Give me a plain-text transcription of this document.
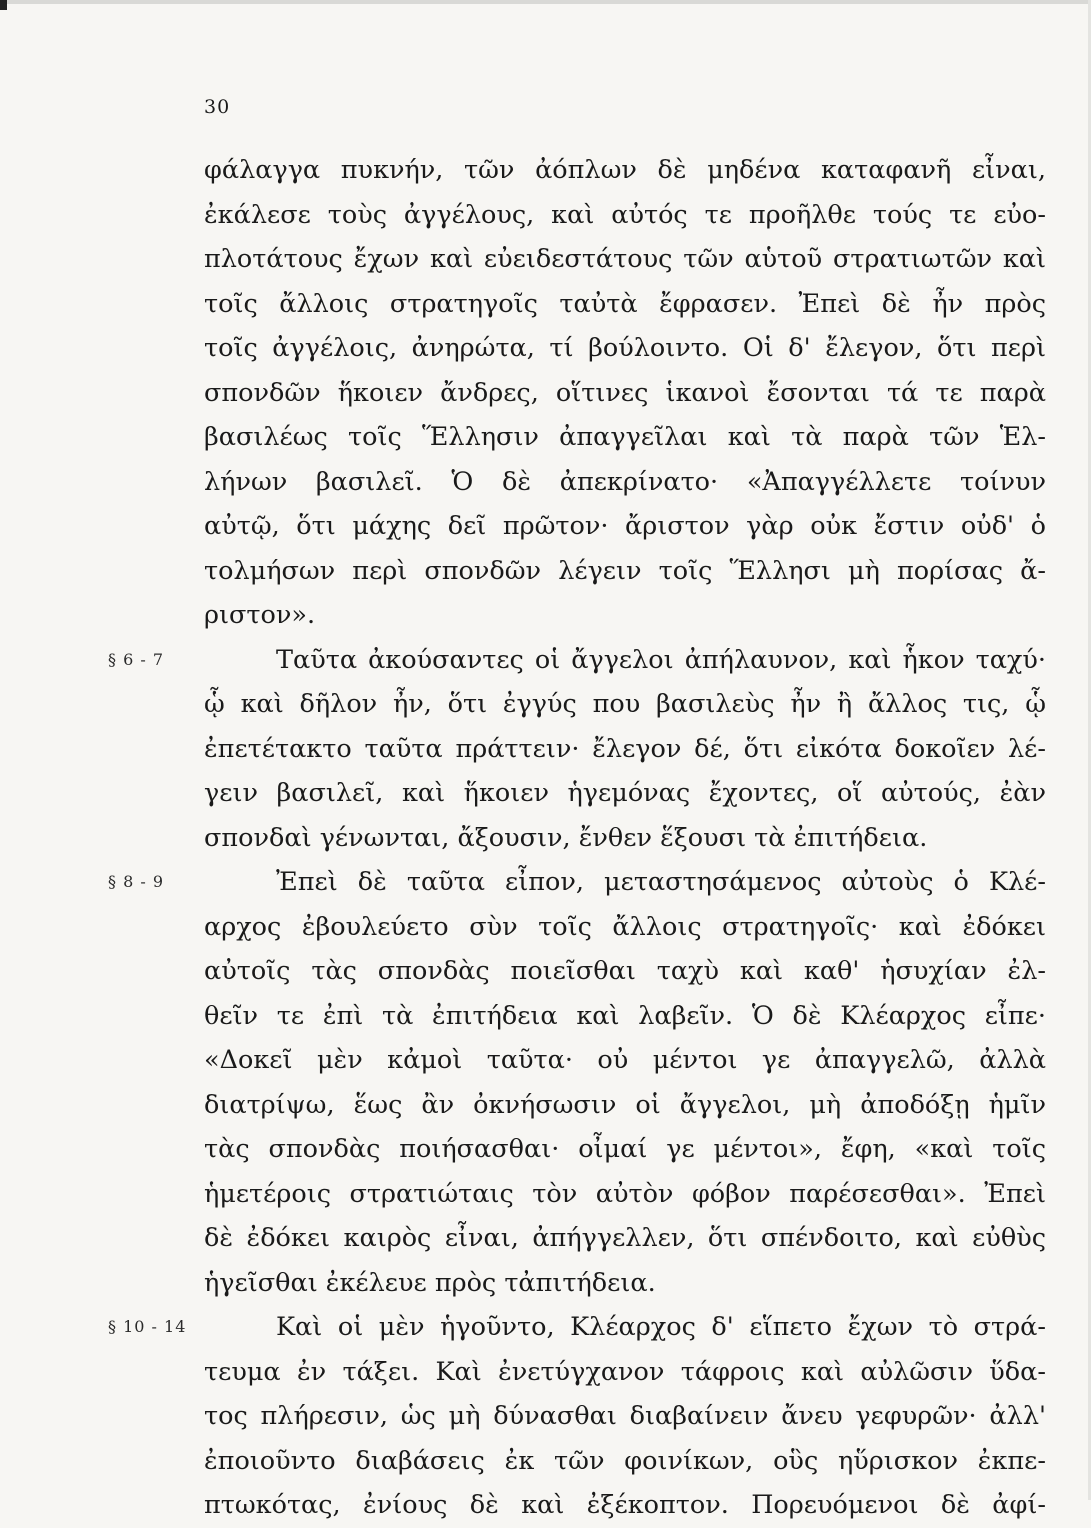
30
φάλαγγα πυκνήν, τῶν ἀόπλων δὲ μηδένα καταφανῆ εἶναι,
ἐκάλεσε τοὺς ἀγγέλους, καὶ αὐτός τε προῆλθε τούς τε εὐο-
πλοτάτους ἔχων καὶ εὐειδεστάτους τῶν αὑτοῦ στρατιωτῶν καὶ
τοῖς ἄλλοις στρατηγοῖς ταὐτὰ ἔφρασεν. Ἐπεὶ δὲ ἦν πρὸς
τοῖς ἀγγέλοις, ἀνηρώτα, τί βούλοιντο. Οἱ δ' ἔλεγον, ὅτι περὶ
σπονδῶν ἥκοιεν ἄνδρες, οἵτινες ἱκανοὶ ἔσονται τά τε παρὰ
βασιλέως τοῖς Ἕλλησιν ἀπαγγεῖλαι καὶ τὰ παρὰ τῶν Ἑλ-
λήνων βασιλεῖ. Ὁ δὲ ἀπεκρίνατο· «Ἀπαγγέλλετε τοίνυν
αὐτῷ, ὅτι μάχης δεῖ πρῶτον· ἄριστον γὰρ οὐκ ἔστιν οὐδ' ὁ
τολμήσων περὶ σπονδῶν λέγειν τοῖς Ἕλλησι μὴ πορίσας ἄ-
ριστον».
§ 6 - 7	Ταῦτα ἀκούσαντες οἱ ἄγγελοι ἀπήλαυνον, καὶ ἧκον ταχύ·
ᾧ καὶ δῆλον ἦν, ὅτι ἐγγύς που βασιλεὺς ἦν ἢ ἄλλος τις, ᾧ
ἐπετέτακτο ταῦτα πράττειν· ἔλεγον δέ, ὅτι εἰκότα δοκοῖεν λέ-
γειν βασιλεῖ, καὶ ἥκοιεν ἡγεμόνας ἔχοντες, οἵ αὐτούς, ἐὰν
σπονδαὶ γένωνται, ἄξουσιν, ἔνθεν ἕξουσι τὰ ἐπιτήδεια.
§ 8 - 9	Ἐπεὶ δὲ ταῦτα εἶπον, μεταστησάμενος αὐτοὺς ὁ Κλέ-
αρχος ἐβουλεύετο σὺν τοῖς ἄλλοις στρατηγοῖς· καὶ ἐδόκει
αὐτοῖς τὰς σπονδὰς ποιεῖσθαι ταχὺ καὶ καθ' ἡσυχίαν ἐλ-
θεῖν τε ἐπὶ τὰ ἐπιτήδεια καὶ λαβεῖν. Ὁ δὲ Κλέαρχος εἶπε·
«Δοκεῖ μὲν κἀμοὶ ταῦτα· οὐ μέντοι γε ἀπαγγελῶ, ἀλλὰ
διατρίψω, ἕως ἂν ὀκνήσωσιν οἱ ἄγγελοι, μὴ ἀποδόξῃ ἡμῖν
τὰς σπονδὰς ποιήσασθαι· οἶμαί γε μέντοι», ἔφη, «καὶ τοῖς
ἡμετέροις στρατιώταις τὸν αὐτὸν φόβον παρέσεσθαι». Ἐπεὶ
δὲ ἐδόκει καιρὸς εἶναι, ἀπήγγελλεν, ὅτι σπένδοιτο, καὶ εὐθὺς
ἡγεῖσθαι ἐκέλευε πρὸς τἀπιτήδεια.
§ 10 - 14	Καὶ οἱ μὲν ἡγοῦντο, Κλέαρχος δ' εἵπετο ἔχων τὸ στρά-
τευμα ἐν τάξει. Καὶ ἐνετύγχανον τάφροις καὶ αὐλῶσιν ὕδα-
τος πλήρεσιν, ὡς μὴ δύνασθαι διαβαίνειν ἄνευ γεφυρῶν· ἀλλ'
ἐποιοῦντο διαβάσεις ἐκ τῶν φοινίκων, οὓς ηὕρισκον ἐκπε-
πτωκότας, ἐνίους δὲ καὶ ἐξέκοπτον. Πορευόμενοι δὲ ἀφί-
